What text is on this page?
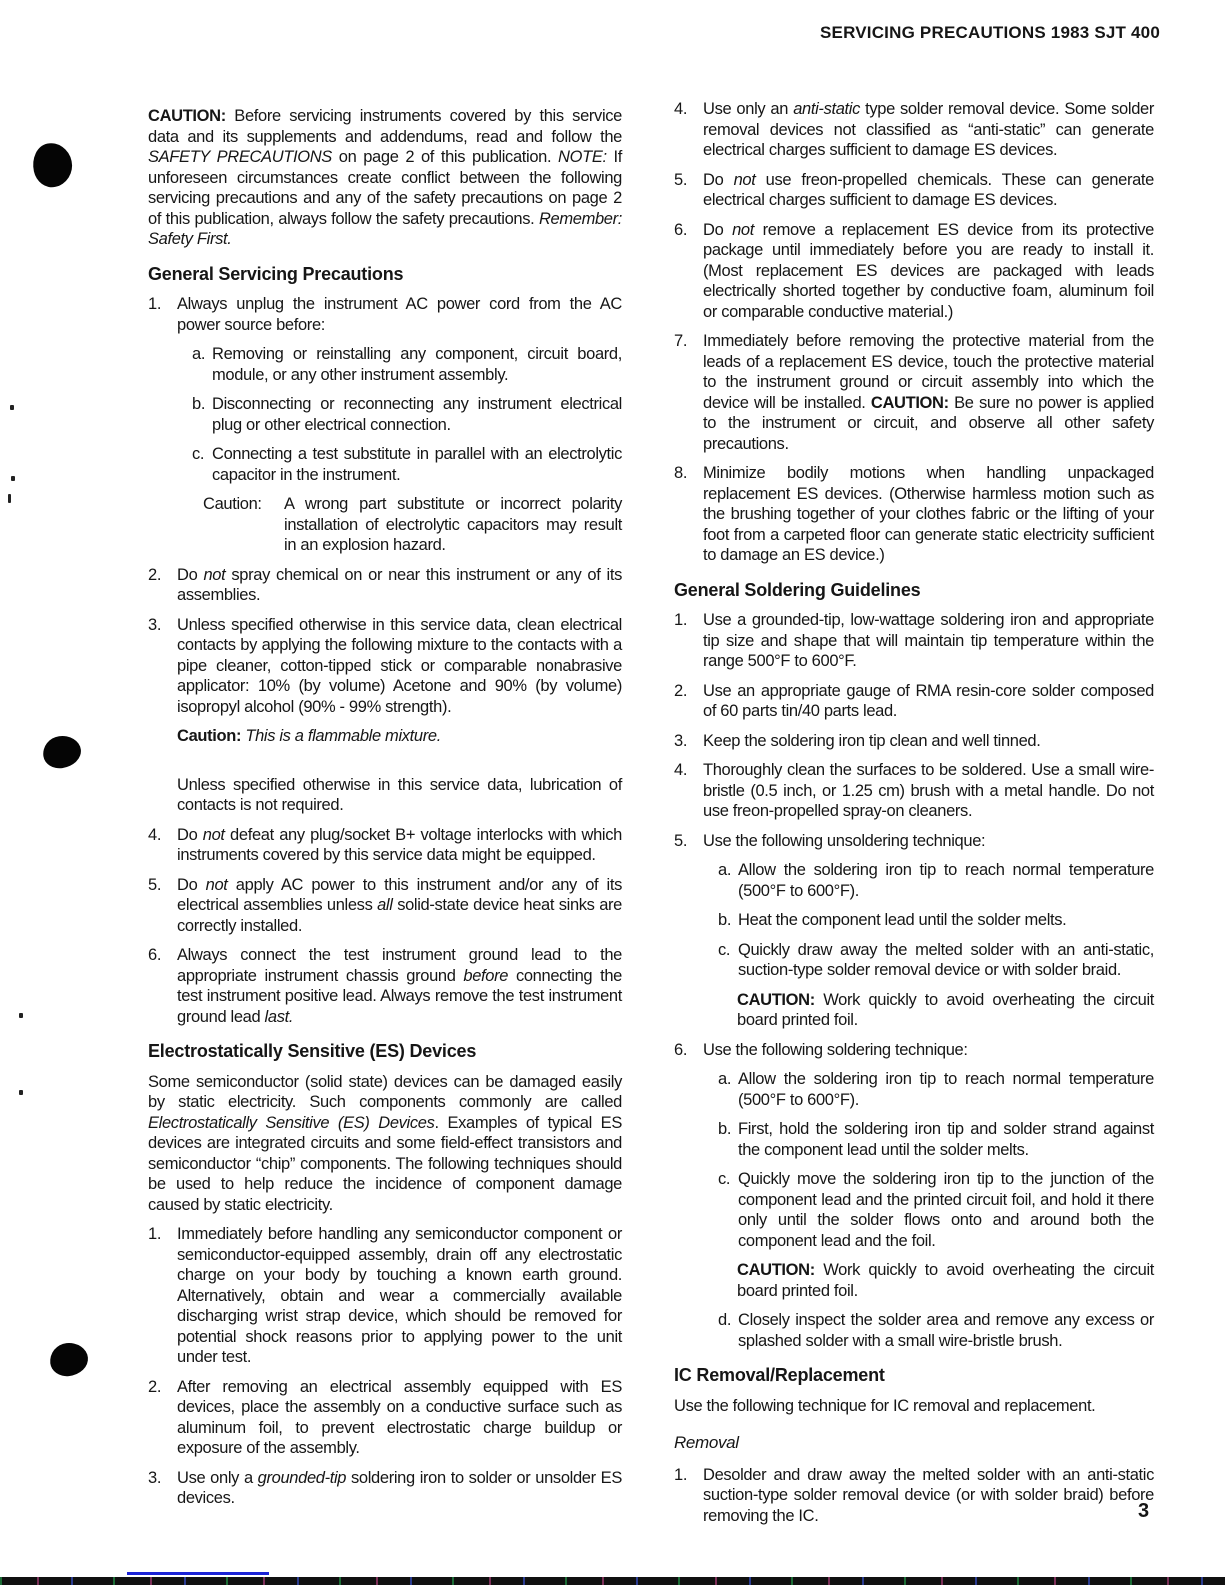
SERVICING PRECAUTIONS 1983 SJT 400
CAUTION: Before servicing instruments covered by this service data and its supplements and addendums, read and follow the SAFETY PRECAUTIONS on page 2 of this publication. NOTE: If unforeseen circumstances create conflict between the following servicing precautions and any of the safety precautions on page 2 of this publication, always follow the safety precautions. Remember: Safety First.
General Servicing Precautions
1. Always unplug the instrument AC power cord from the AC power source before:
a. Removing or reinstalling any component, circuit board, module, or any other instrument assembly.
b. Disconnecting or reconnecting any instrument electrical plug or other electrical connection.
c. Connecting a test substitute in parallel with an electrolytic capacitor in the instrument.
Caution:	A wrong part substitute or incorrect polarity installation of electrolytic capacitors may result in an explosion hazard.
2. Do not spray chemical on or near this instrument or any of its assemblies.
3. Unless specified otherwise in this service data, clean electrical contacts by applying the following mixture to the contacts with a pipe cleaner, cotton-tipped stick or comparable nonabrasive applicator: 10% (by volume) Acetone and 90% (by volume) isopropyl alcohol (90% - 99% strength).
Caution: This is a flammable mixture.
Unless specified otherwise in this service data, lubrication of contacts is not required.
4. Do not defeat any plug/socket B+ voltage interlocks with which instruments covered by this service data might be equipped.
5. Do not apply AC power to this instrument and/or any of its electrical assemblies unless all solid-state device heat sinks are correctly installed.
6. Always connect the test instrument ground lead to the appropriate instrument chassis ground before connecting the test instrument positive lead. Always remove the test instrument ground lead last.
Electrostatically Sensitive (ES) Devices
Some semiconductor (solid state) devices can be damaged easily by static electricity. Such components commonly are called Electrostatically Sensitive (ES) Devices. Examples of typical ES devices are integrated circuits and some field-effect transistors and semiconductor “chip” components. The following techniques should be used to help reduce the incidence of component damage caused by static electricity.
1. Immediately before handling any semiconductor component or semiconductor-equipped assembly, drain off any electrostatic charge on your body by touching a known earth ground. Alternatively, obtain and wear a commercially available discharging wrist strap device, which should be removed for potential shock reasons prior to applying power to the unit under test.
2. After removing an electrical assembly equipped with ES devices, place the assembly on a conductive surface such as aluminum foil, to prevent electrostatic charge buildup or exposure of the assembly.
3. Use only a grounded-tip soldering iron to solder or unsolder ES devices.
4. Use only an anti-static type solder removal device. Some solder removal devices not classified as “anti-static” can generate electrical charges sufficient to damage ES devices.
5. Do not use freon-propelled chemicals. These can generate electrical charges sufficient to damage ES devices.
6. Do not remove a replacement ES device from its protective package until immediately before you are ready to install it. (Most replacement ES devices are packaged with leads electrically shorted together by conductive foam, aluminum foil or comparable conductive material.)
7. Immediately before removing the protective material from the leads of a replacement ES device, touch the protective material to the instrument ground or circuit assembly into which the device will be installed. CAUTION: Be sure no power is applied to the instrument or circuit, and observe all other safety precautions.
8. Minimize bodily motions when handling unpackaged replacement ES devices. (Otherwise harmless motion such as the brushing together of your clothes fabric or the lifting of your foot from a carpeted floor can generate static electricity sufficient to damage an ES device.)
General Soldering Guidelines
1. Use a grounded-tip, low-wattage soldering iron and appropriate tip size and shape that will maintain tip temperature within the range 500°F to 600°F.
2. Use an appropriate gauge of RMA resin-core solder composed of 60 parts tin/40 parts lead.
3. Keep the soldering iron tip clean and well tinned.
4. Thoroughly clean the surfaces to be soldered. Use a small wire-bristle (0.5 inch, or 1.25 cm) brush with a metal handle. Do not use freon-propelled spray-on cleaners.
5. Use the following unsoldering technique:
a. Allow the soldering iron tip to reach normal temperature (500°F to 600°F).
b. Heat the component lead until the solder melts.
c. Quickly draw away the melted solder with an anti-static, suction-type solder removal device or with solder braid.
CAUTION: Work quickly to avoid overheating the circuit board printed foil.
6. Use the following soldering technique:
a. Allow the soldering iron tip to reach normal temperature (500°F to 600°F).
b. First, hold the soldering iron tip and solder strand against the component lead until the solder melts.
c. Quickly move the soldering iron tip to the junction of the component lead and the printed circuit foil, and hold it there only until the solder flows onto and around both the component lead and the foil.
CAUTION: Work quickly to avoid overheating the circuit board printed foil.
d. Closely inspect the solder area and remove any excess or splashed solder with a small wire-bristle brush.
IC Removal/Replacement
Use the following technique for IC removal and replacement.
Removal
1. Desolder and draw away the melted solder with an anti-static suction-type solder removal device (or with solder braid) before removing the IC.	3
